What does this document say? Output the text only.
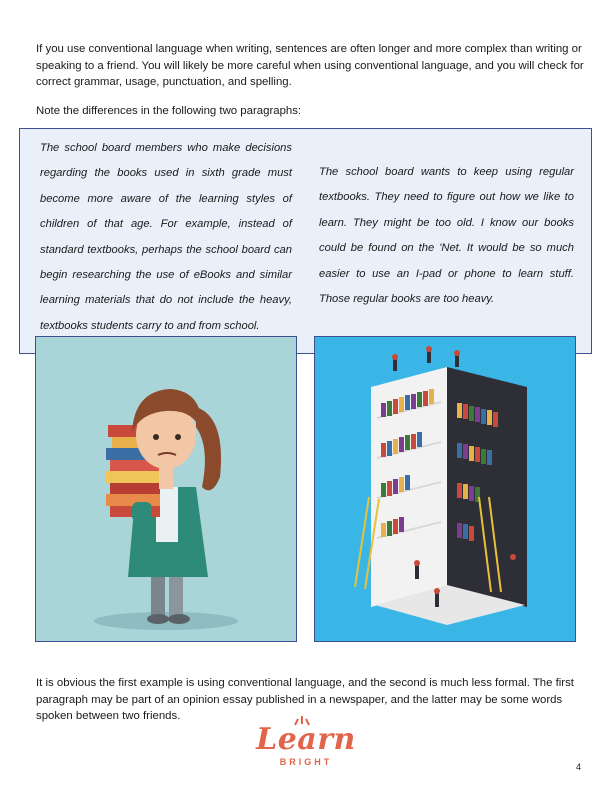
If you use conventional language when writing, sentences are often longer and more complex than writing or speaking to a friend. You will likely be more careful when using conventional language, and you will check for correct grammar, usage, punctuation, and spelling.

Note the differences in the following two paragraphs:

The school board members who make decisions regarding the books used in sixth grade must become more aware of the learning styles of children of that age. For example, instead of standard textbooks, perhaps the school board can begin researching the use of eBooks and similar learning materials that do not include the heavy, textbooks students carry to and from school.

The school board wants to keep using regular textbooks. They need to figure out how we like to learn. They might be too old. I know our books could be found on the 'Net. It would be so much easier to use an I-pad or phone to learn stuff. Those regular books are too heavy.

It is obvious the first example is using conventional language, and the second is much less formal. The first paragraph may be part of an opinion essay published in a newspaper, and the latter may be some words spoken between two friends.

Learn
BRIGHT	4
